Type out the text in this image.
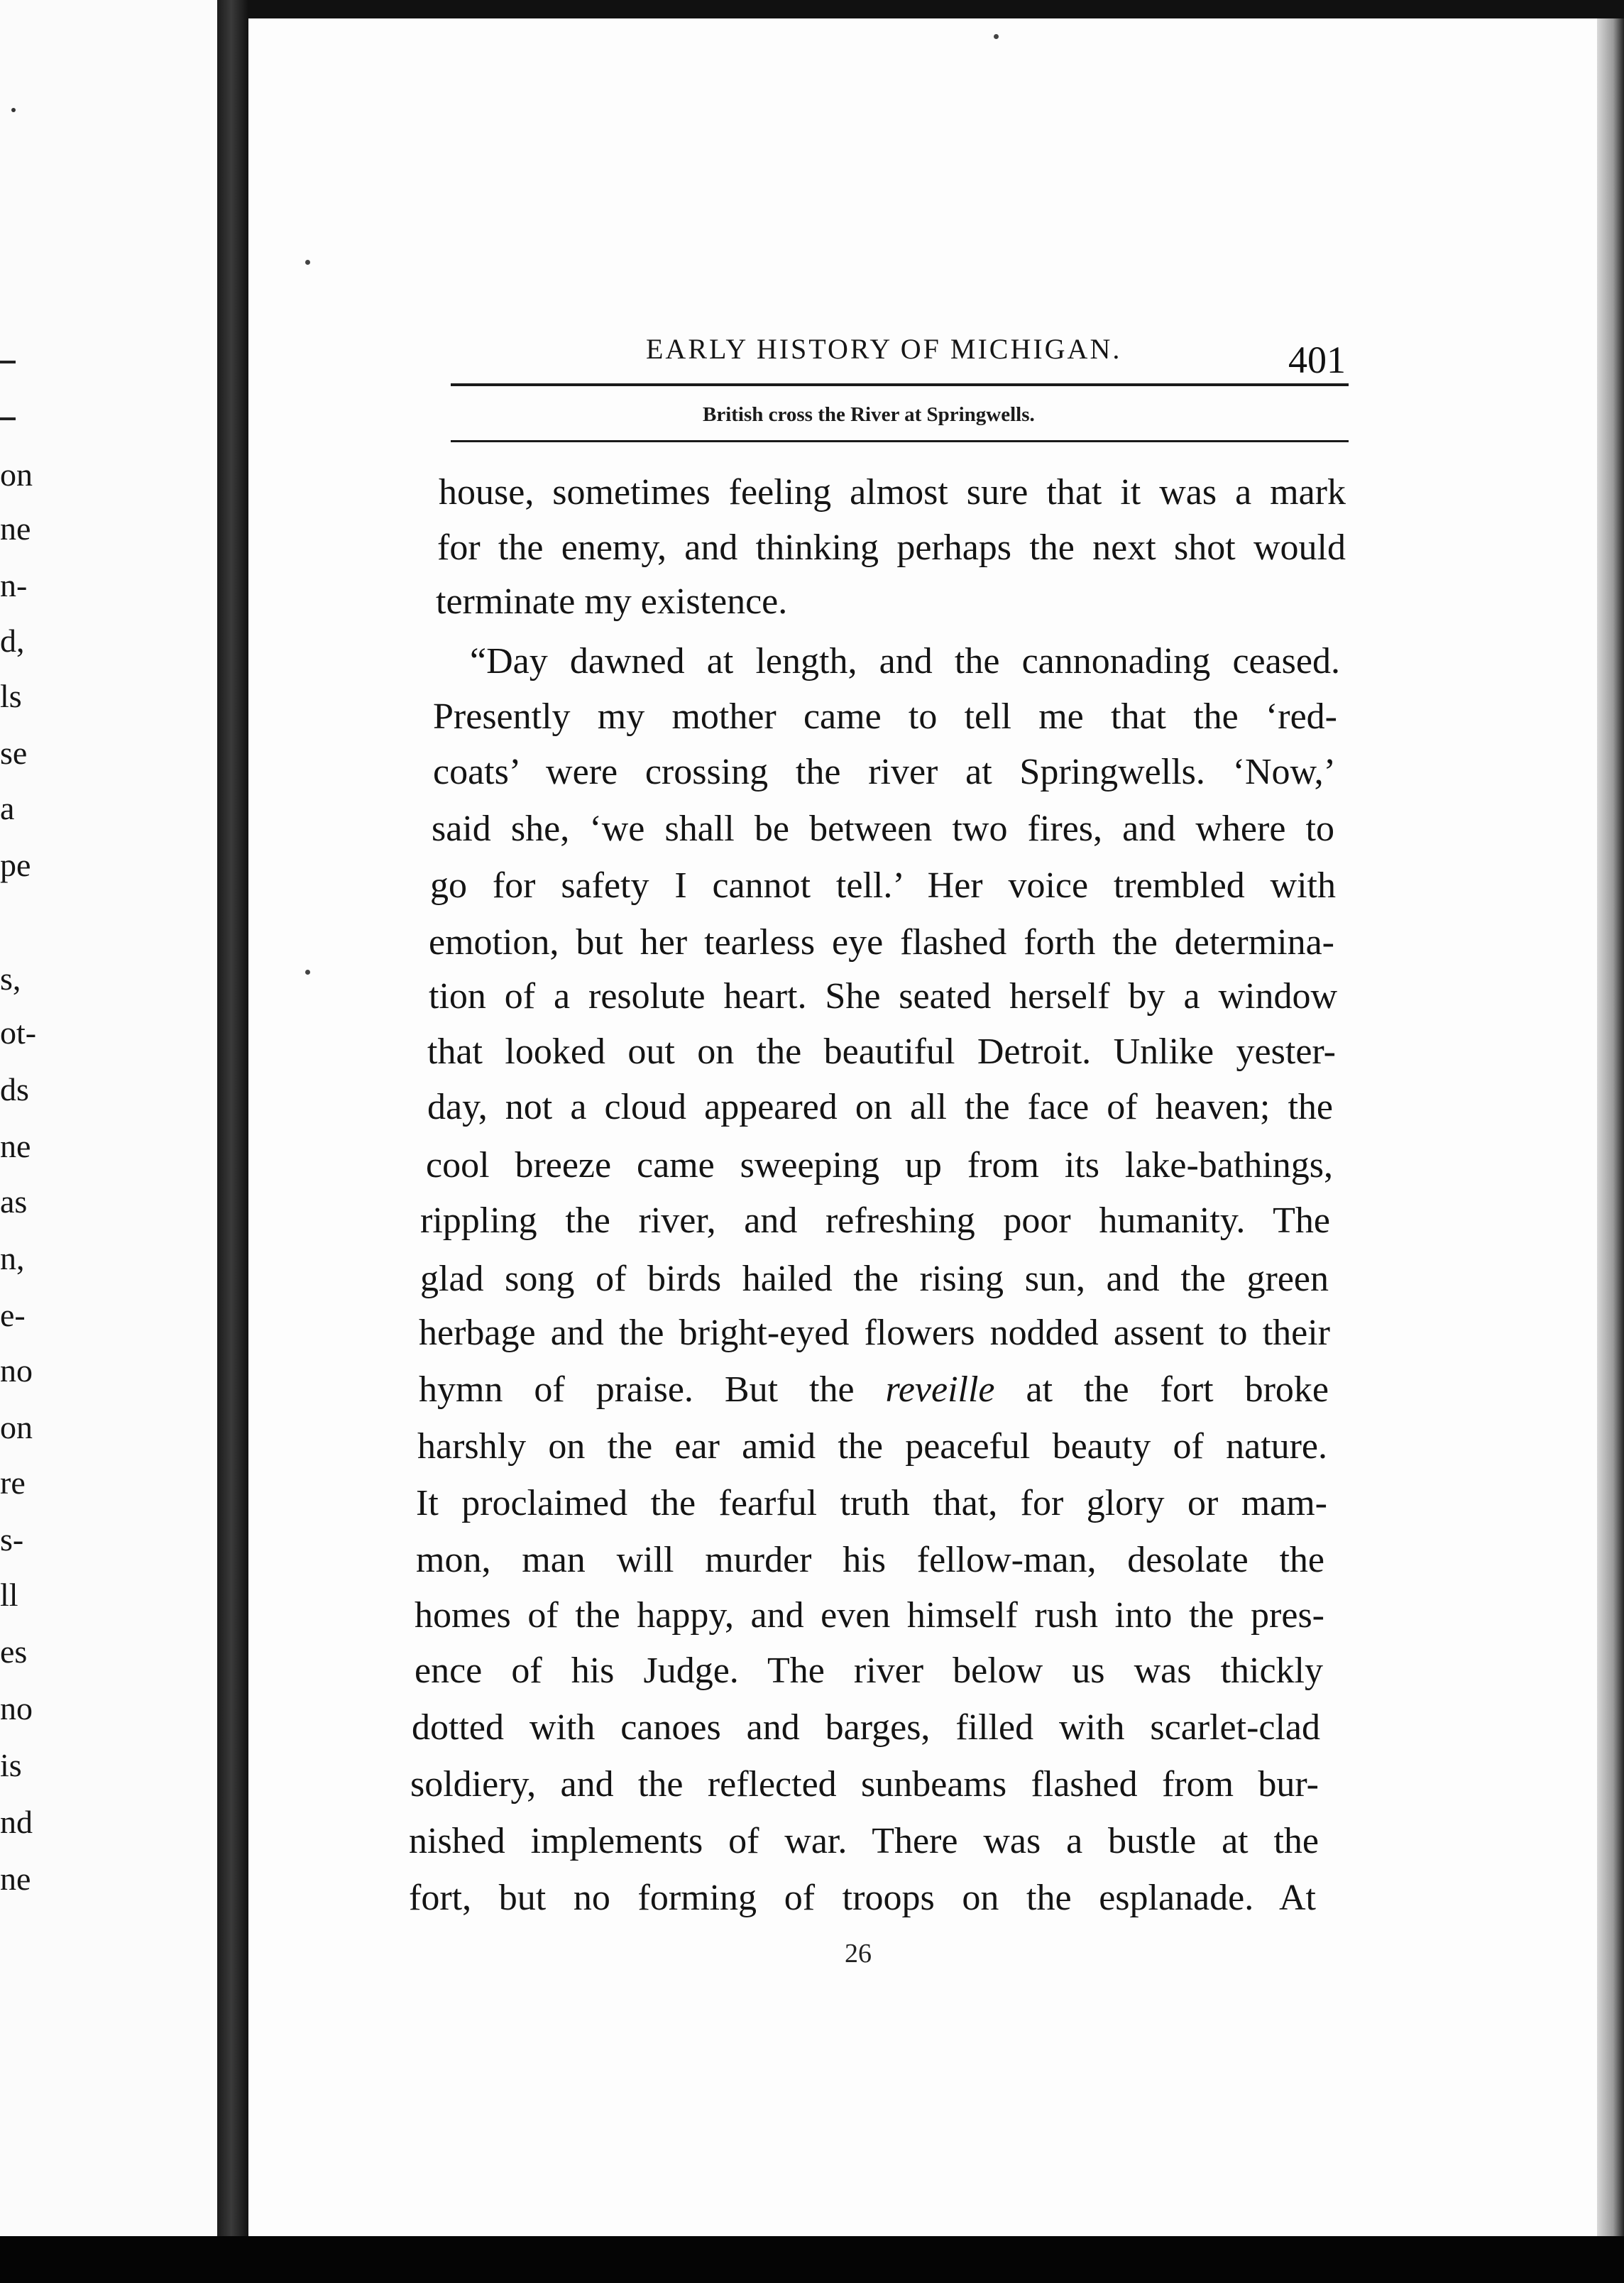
on
ne
n-
d,
ls
se
a
pe
s,
ot-
ds
ne
as
n,
e-
no
on
re
s-
ll
es
no
is
nd
ne
EARLY HISTORY OF MICHIGAN.	401
British cross the River at Springwells.
house, sometimes feeling almost sure that it was a mark
for the enemy, and thinking perhaps the next shot would
terminate my existence.
“Day dawned at length, and the cannonading ceased.
Presently my mother came to tell me that the ‘red-
coats’ were crossing the river at Springwells. ‘Now,’
said she, ‘we shall be between two fires, and where to
go for safety I cannot tell.’ Her voice trembled with
emotion, but her tearless eye flashed forth the determina-
tion of a resolute heart. She seated herself by a window
that looked out on the beautiful Detroit. Unlike yester-
day, not a cloud appeared on all the face of heaven; the
cool breeze came sweeping up from its lake-bathings,
rippling the river, and refreshing poor humanity. The
glad song of birds hailed the rising sun, and the green
herbage and the bright-eyed flowers nodded assent to their
hymn of praise. But the reveille at the fort broke
harshly on the ear amid the peaceful beauty of nature.
It proclaimed the fearful truth that, for glory or mam-
mon, man will murder his fellow-man, desolate the
homes of the happy, and even himself rush into the pres-
ence of his Judge. The river below us was thickly
dotted with canoes and barges, filled with scarlet-clad
soldiery, and the reflected sunbeams flashed from bur-
nished implements of war. There was a bustle at the
fort, but no forming of troops on the esplanade. At
26
